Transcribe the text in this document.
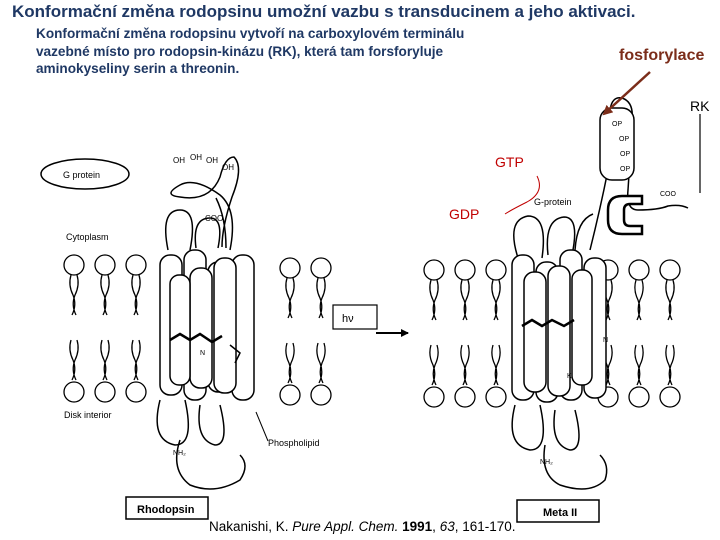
Konformační změna rodopsinu umožní vazbu s transducinem a jeho aktivaci.
Konformační změna rodopsinu vytvoří na carboxylovém terminálu vazebné místo pro rodopsin-kinázu (RK), která tam forsforyluje aminokyseliny serin a threonin.
fosforylace
RK
GTP
GDP
G protein
OH OH OH
OH
COO
Cytoplasm
Disk interior
Phospholipid
NH₂
N
Rhodopsin
hν
G-protein
OP
OP
OP
OP
COO
N
K
NH₂
Meta II
Nakanishi, K. Pure Appl. Chem. 1991, 63, 161-170.
